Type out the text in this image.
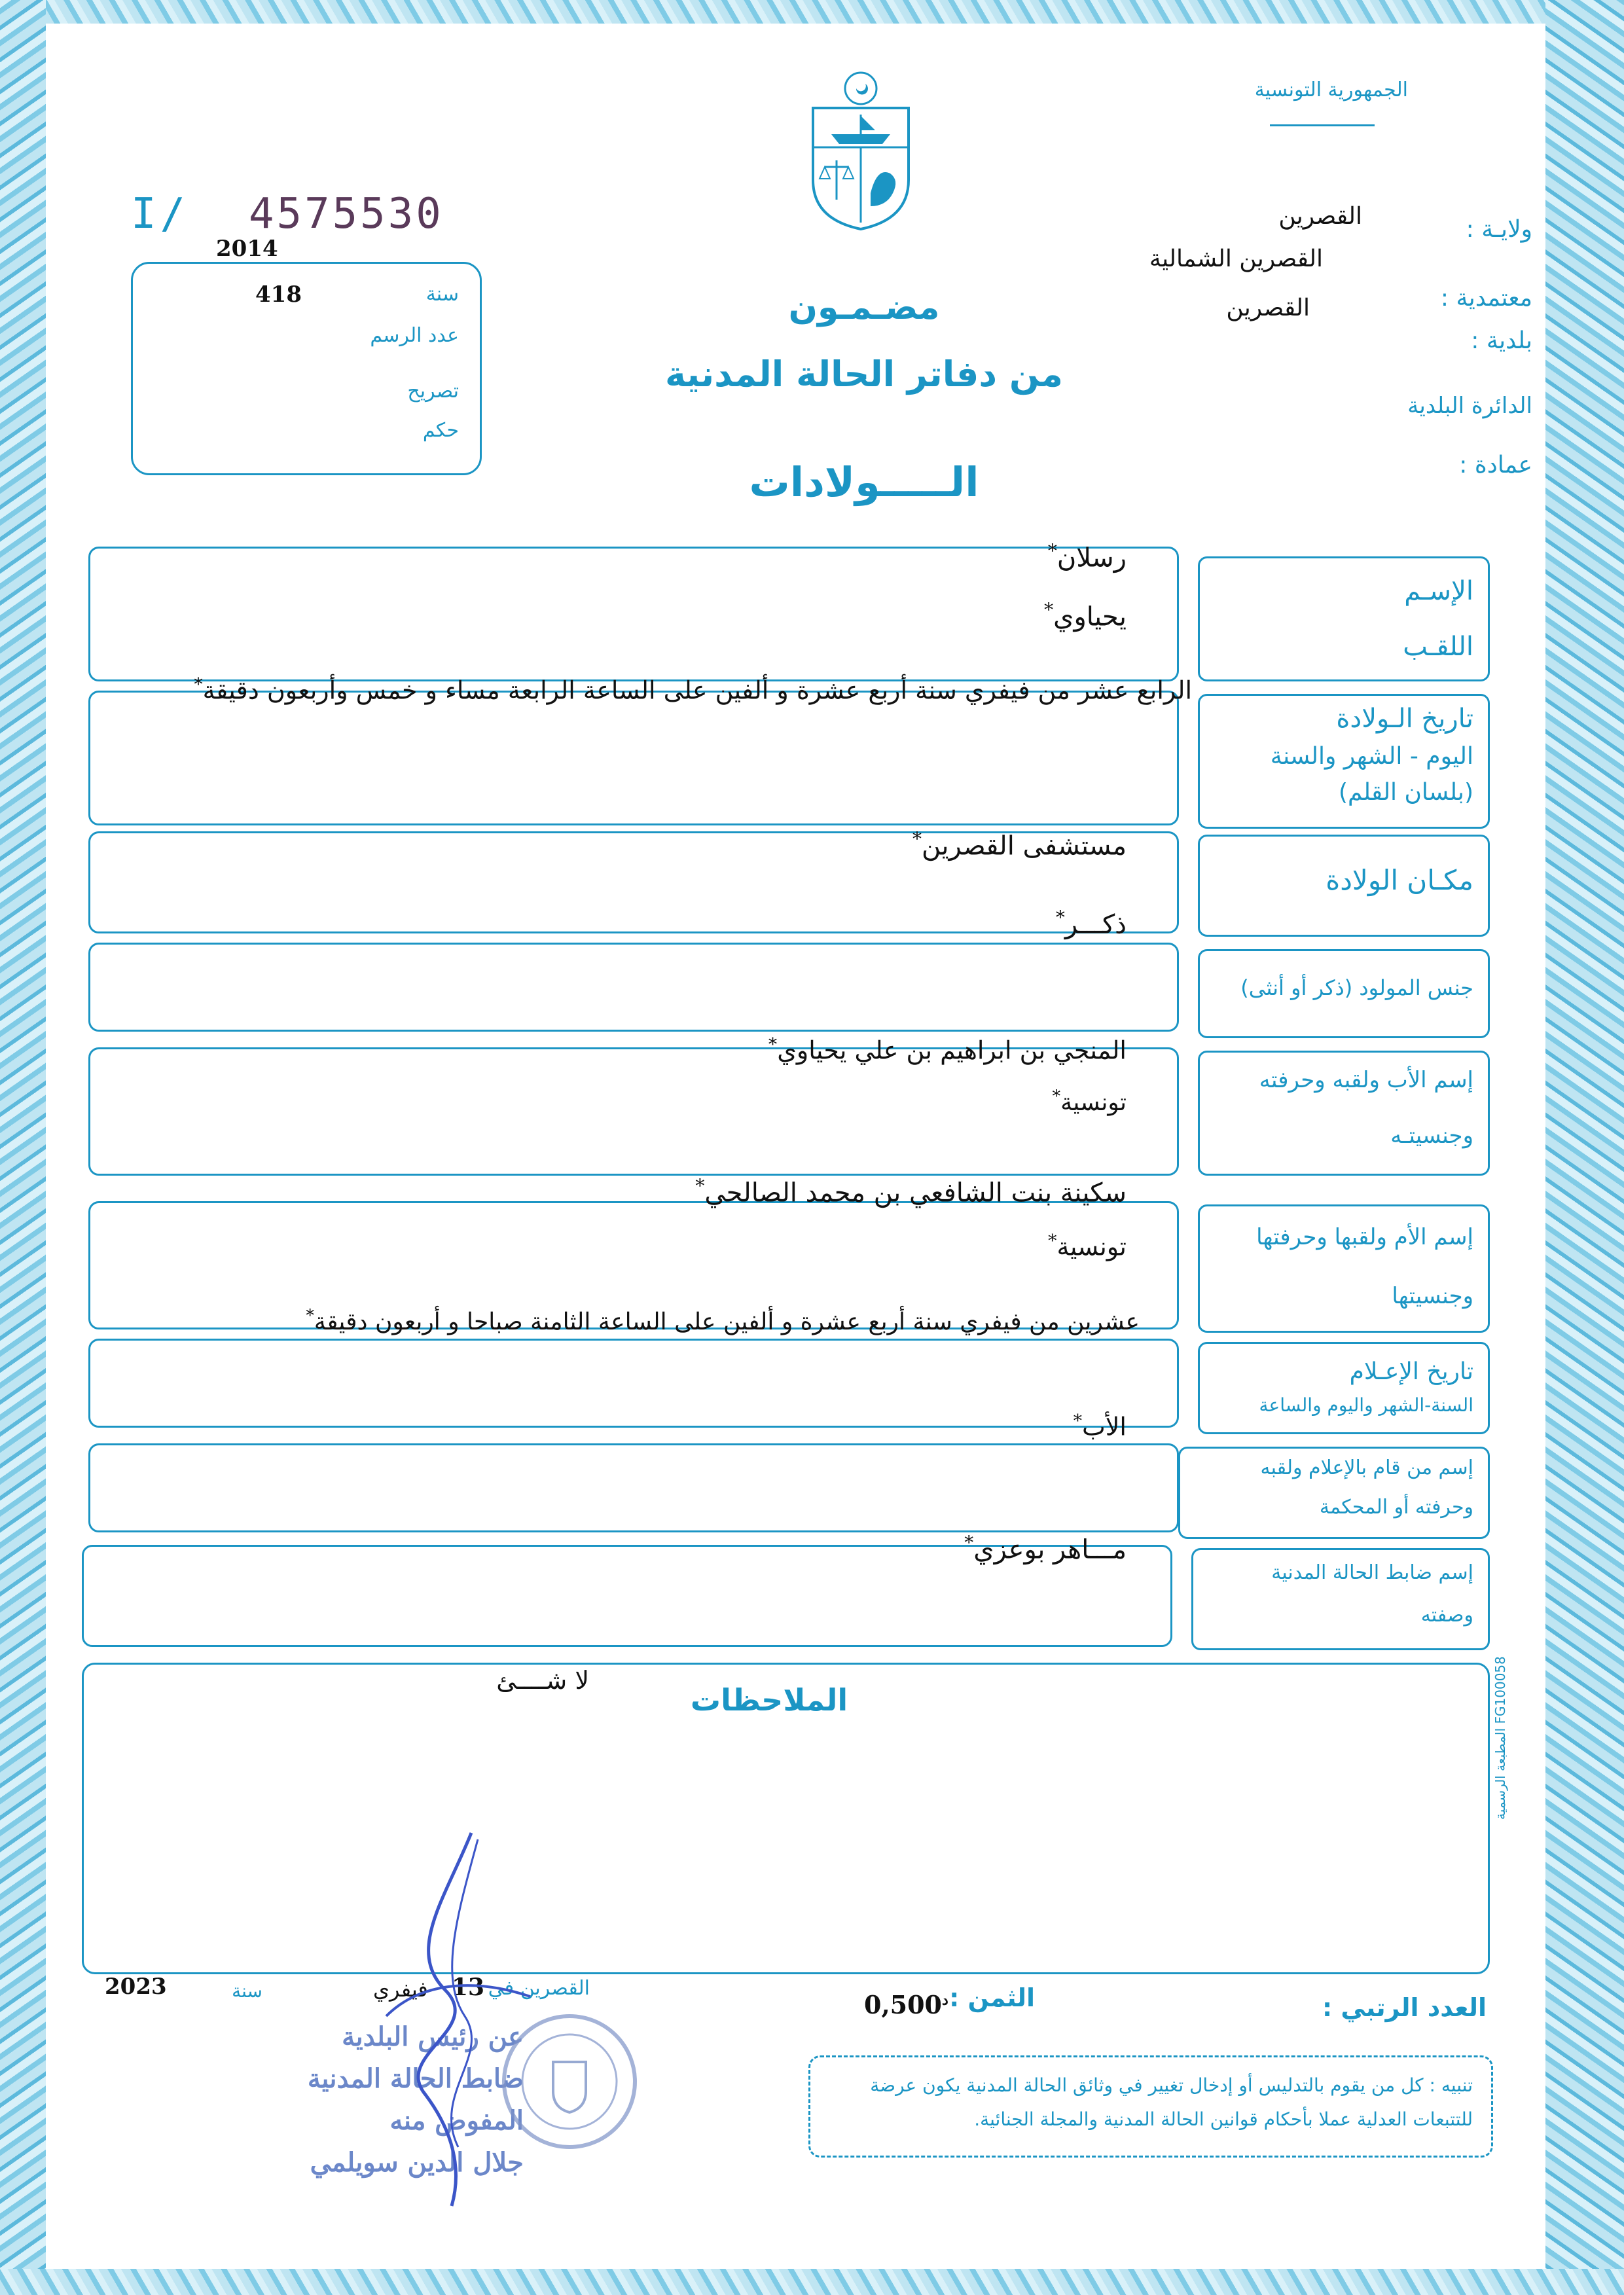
الجمهورية التونسية
ولايـة :
القصرين
القصرين الشمالية
معتمدية :
القصرين
بلدية :
الدائرة البلدية
عمادة :
I/ 4575530
2014
سنة
418
عدد الرسم
تصريح
حكم
مضـمـون
من دفاتر الحالة المدنية
الـــــولادات
الإسـم
اللقـب
رسلان*
يحياوي*
تاريخ الـولادة
اليوم - الشهر والسنة
(بلسان القلم)
الرابع عشر من فيفري سنة أربع عشرة و ألفين على الساعة الرابعة مساء و خمس وأربعون دقيقة*
مكـان الولادة
مستشفى القصرين*
جنس المولود (ذكر أو أنثى)
ذكـــر*
إسم الأب ولقبه وحرفته
وجنسيتـه
المنجي بن ابراهيم بن علي يحياوي*
تونسية*
إسم الأم ولقبها وحرفتها
وجنسيتها
سكينة بنت الشافعي بن محمد الصالحي*
تونسية*
تاريخ الإعـلام
السنة-الشهر واليوم والساعة
عشرين من فيفري سنة أربع عشرة و ألفين على الساعة الثامنة صباحا و أربعون دقيقة*
إسم من قام بالإعلام ولقبه
وحرفته أو المحكمة
الأب*
إسم ضابط الحالة المدنية
وصفته
مـــاهر بوعزي*
الملاحظات
لا شــــئ
المطبعة الرسمية FG100058
العدد الرتبي :
الثمن :
$0,500^د$
القصرين في
13
فيفري
سنة
2023
تنبيه : كل من يقوم بالتدليس أو إدخال تغيير في وثائق الحالة المدنية يكون عرضة للتتبعات العدلية عملا بأحكام قوانين الحالة المدنية والمجلة الجنائية.
عن رئيس البلدية
ضابط الحالة المدنية
المفوض منه
جلال الدين سويلمي
